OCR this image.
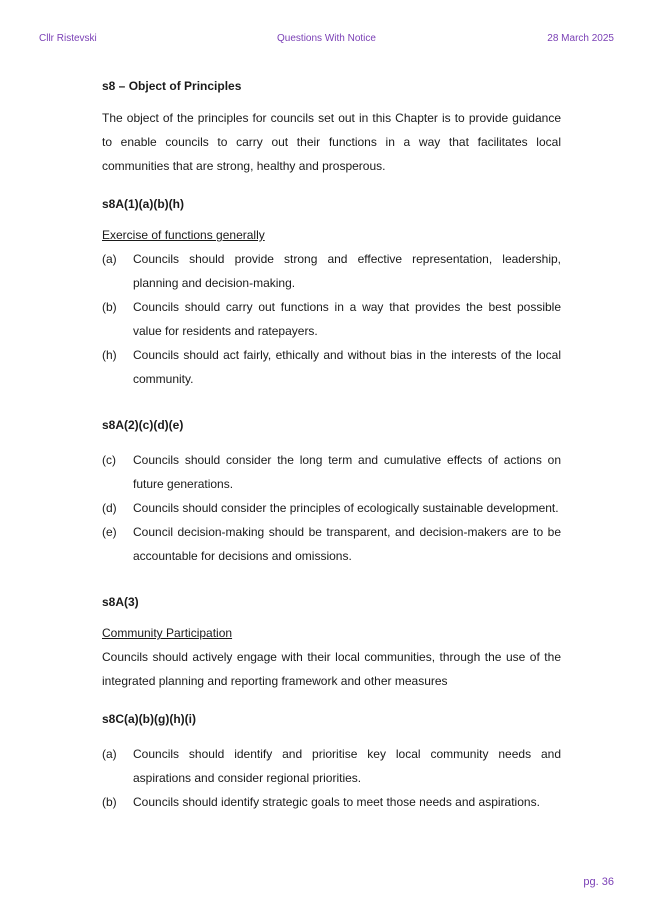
Cllr Ristevski	Questions With Notice	28 March 2025

s8 – Object of Principles

The object of the principles for councils set out in this Chapter is to provide guidance to enable councils to carry out their functions in a way that facilitates local communities that are strong, healthy and prosperous.

s8A(1)(a)(b)(h)

Exercise of functions generally

(a) Councils should provide strong and effective representation, leadership, planning and decision-making.
(b) Councils should carry out functions in a way that provides the best possible value for residents and ratepayers.
(h) Councils should act fairly, ethically and without bias in the interests of the local community.

s8A(2)(c)(d)(e)

(c) Councils should consider the long term and cumulative effects of actions on future generations.
(d) Councils should consider the principles of ecologically sustainable development.
(e) Council decision-making should be transparent, and decision-makers are to be accountable for decisions and omissions.

s8A(3)

Community Participation

Councils should actively engage with their local communities, through the use of the integrated planning and reporting framework and other measures

s8C(a)(b)(g)(h)(i)

(a) Councils should identify and prioritise key local community needs and aspirations and consider regional priorities.
(b) Councils should identify strategic goals to meet those needs and aspirations.
pg. 36
